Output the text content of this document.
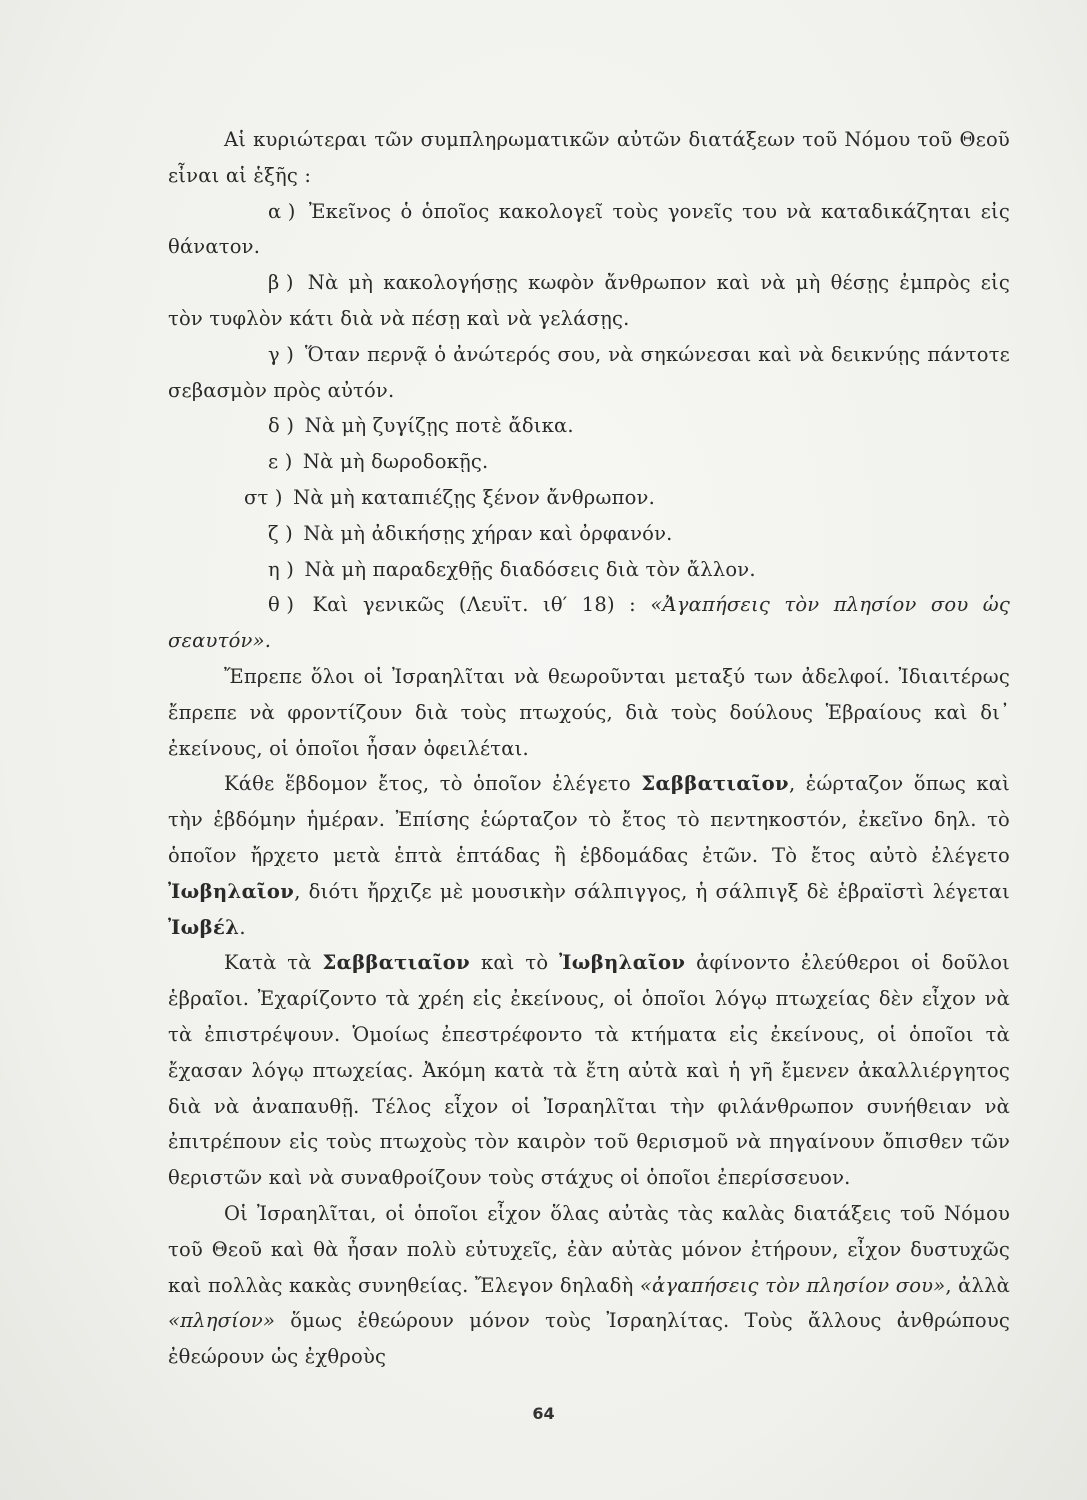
Αἱ κυριώτεραι τῶν συμπληρωματικῶν αὐτῶν διατάξεων τοῦ Νόμου τοῦ Θεοῦ εἶναι αἱ ἑξῆς :

α ) Ἐκεῖνος ὁ ὁποῖος κακολογεῖ τοὺς γονεῖς του νὰ καταδικάζηται εἰς θάνατον.

β ) Νὰ μὴ κακολογήσῃς κωφὸν ἄνθρωπον καὶ νὰ μὴ θέσῃς ἐμπρὸς εἰς τὸν τυφλὸν κάτι διὰ νὰ πέσῃ καὶ νὰ γελάσῃς.

γ ) Ὅταν περνᾷ ὁ ἀνώτερός σου, νὰ σηκώνεσαι καὶ νὰ δεικνύῃς πάντοτε σεβασμὸν πρὸς αὐτόν.

δ ) Νὰ μὴ ζυγίζῃς ποτὲ ἄδικα.

ε ) Νὰ μὴ δωροδοκῇς.

στ ) Νὰ μὴ καταπιέζῃς ξένον ἄνθρωπον.

ζ ) Νὰ μὴ ἀδικήσῃς χήραν καὶ ὀρφανόν.

η ) Νὰ μὴ παραδεχθῇς διαδόσεις διὰ τὸν ἄλλον.

θ ) Καὶ γενικῶς (Λευϊτ. ιθ′ 18) : «Ἀγαπήσεις τὸν πλησίον σου ὡς σεαυτόν».

Ἔπρεπε ὅλοι οἱ Ἰσραηλῖται νὰ θεωροῦνται μεταξύ των ἀδελφοί. Ἰδιαιτέρως ἔπρεπε νὰ φροντίζουν διὰ τοὺς πτωχούς, διὰ τοὺς δούλους Ἑβραίους καὶ δι᾿ ἐκείνους, οἱ ὁποῖοι ἦσαν ὀφειλέται.

Κάθε ἕβδομον ἔτος, τὸ ὁποῖον ἐλέγετο Σαββατιαῖον, ἑώρταζον ὅπως καὶ τὴν ἑβδόμην ἡμέραν. Ἐπίσης ἑώρταζον τὸ ἔτος τὸ πεντηκοστόν, ἐκεῖνο δηλ. τὸ ὁποῖον ἤρχετο μετὰ ἑπτὰ ἑπτάδας ἢ ἑβδομάδας ἐτῶν. Τὸ ἔτος αὐτὸ ἐλέγετο Ἰωβηλαῖον, διότι ἤρχιζε μὲ μουσικὴν σάλπιγγος, ἡ σάλπιγξ δὲ ἑβραϊστὶ λέγεται Ἰωβέλ.

Κατὰ τὰ Σαββατιαῖον καὶ τὸ Ἰωβηλαῖον ἀφίνοντο ἐλεύθεροι οἱ δοῦλοι ἑβραῖοι. Ἐχαρίζοντο τὰ χρέη εἰς ἐκείνους, οἱ ὁποῖοι λόγῳ πτωχείας δὲν εἶχον νὰ τὰ ἐπιστρέψουν. Ὁμοίως ἐπεστρέφοντο τὰ κτήματα εἰς ἐκείνους, οἱ ὁποῖοι τὰ ἔχασαν λόγῳ πτωχείας. Ἀκόμη κατὰ τὰ ἔτη αὐτὰ καὶ ἡ γῆ ἔμενεν ἀκαλλιέργητος διὰ νὰ ἀναπαυθῇ. Τέλος εἶχον οἱ Ἰσραηλῖται τὴν φιλάνθρωπον συνήθειαν νὰ ἐπιτρέπουν εἰς τοὺς πτωχοὺς τὸν καιρὸν τοῦ θερισμοῦ νὰ πηγαίνουν ὄπισθεν τῶν θεριστῶν καὶ νὰ συναθροίζουν τοὺς στάχυς οἱ ὁποῖοι ἐπερίσσευον.

Οἱ Ἰσραηλῖται, οἱ ὁποῖοι εἶχον ὅλας αὐτὰς τὰς καλὰς διατάξεις τοῦ Νόμου τοῦ Θεοῦ καὶ θὰ ἦσαν πολὺ εὐτυχεῖς, ἐὰν αὐτὰς μόνον ἐτήρουν, εἶχον δυστυχῶς καὶ πολλὰς κακὰς συνηθείας. Ἔλεγον δηλαδὴ «ἀγαπήσεις τὸν πλησίον σου», ἀλλὰ «πλησίον» ὅμως ἐθεώρουν μόνον τοὺς Ἰσραηλίτας. Τοὺς ἄλλους ἀνθρώπους ἐθεώρουν ὡς ἐχθροὺς

64
